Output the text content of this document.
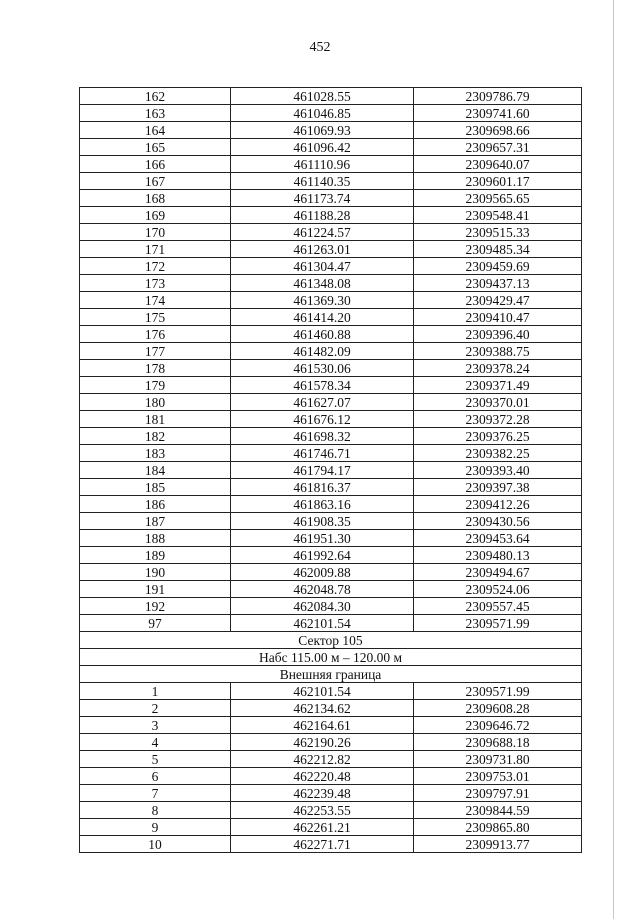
452
162	461028.55	2309786.79
163	461046.85	2309741.60
164	461069.93	2309698.66
165	461096.42	2309657.31
166	461110.96	2309640.07
167	461140.35	2309601.17
168	461173.74	2309565.65
169	461188.28	2309548.41
170	461224.57	2309515.33
171	461263.01	2309485.34
172	461304.47	2309459.69
173	461348.08	2309437.13
174	461369.30	2309429.47
175	461414.20	2309410.47
176	461460.88	2309396.40
177	461482.09	2309388.75
178	461530.06	2309378.24
179	461578.34	2309371.49
180	461627.07	2309370.01
181	461676.12	2309372.28
182	461698.32	2309376.25
183	461746.71	2309382.25
184	461794.17	2309393.40
185	461816.37	2309397.38
186	461863.16	2309412.26
187	461908.35	2309430.56
188	461951.30	2309453.64
189	461992.64	2309480.13
190	462009.88	2309494.67
191	462048.78	2309524.06
192	462084.30	2309557.45
97	462101.54	2309571.99
Сектор 105		
Набс 115.00 м – 120.00 м		
Внешняя граница		
1	462101.54	2309571.99
2	462134.62	2309608.28
3	462164.61	2309646.72
4	462190.26	2309688.18
5	462212.82	2309731.80
6	462220.48	2309753.01
7	462239.48	2309797.91
8	462253.55	2309844.59
9	462261.21	2309865.80
10	462271.71	2309913.77
